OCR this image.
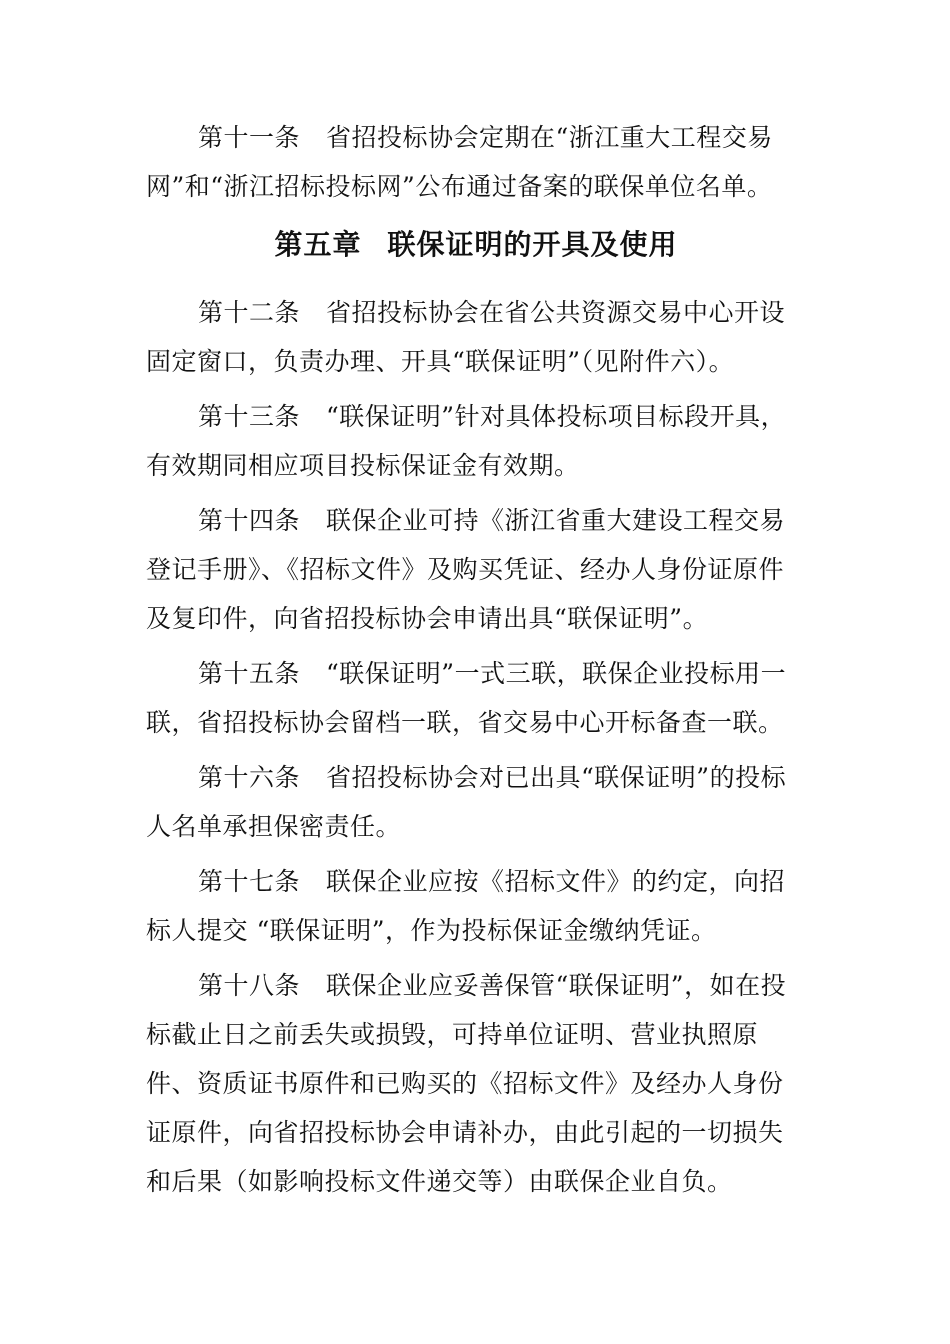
第十一条 省招投标协会定期在“浙江重大工程交易网”和“浙江招标投标网”公布通过备案的联保单位名单。

第五章 联保证明的开具及使用

第十二条 省招投标协会在省公共资源交易中心开设固定窗口，负责办理、开具“联保证明”（见附件六）。

第十三条 “联保证明”针对具体投标项目标段开具，有效期同相应项目投标保证金有效期。

第十四条 联保企业可持《浙江省重大建设工程交易登记手册》、《招标文件》及购买凭证、经办人身份证原件及复印件，向省招投标协会申请出具“联保证明”。

第十五条 “联保证明”一式三联，联保企业投标用一联，省招投标协会留档一联，省交易中心开标备查一联。

第十六条 省招投标协会对已出具“联保证明”的投标人名单承担保密责任。

第十七条 联保企业应按《招标文件》的约定，向招标人提交 “联保证明”，作为投标保证金缴纳凭证。

第十八条 联保企业应妥善保管“联保证明”，如在投标截止日之前丢失或损毁，可持单位证明、营业执照原件、资质证书原件和已购买的《招标文件》及经办人身份证原件，向省招投标协会申请补办，由此引起的一切损失和后果（如影响投标文件递交等）由联保企业自负。
